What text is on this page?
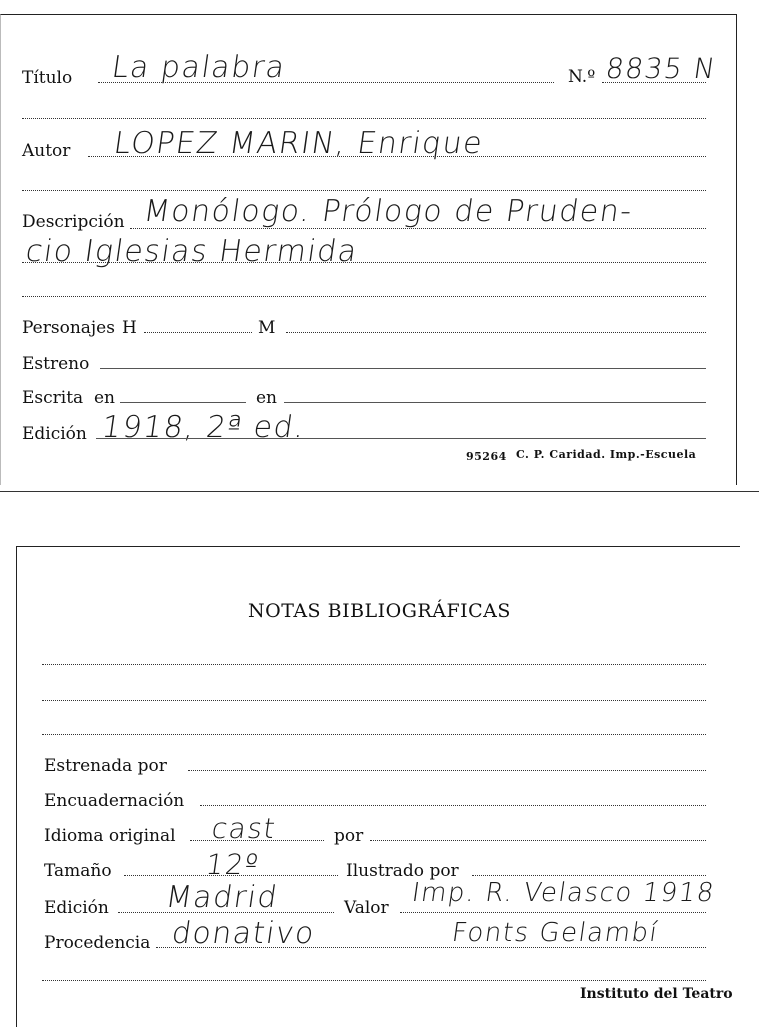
Título La palabra	N.º 8835 N
Autor LOPEZ MARIN, Enrique
Descripción Monólogo. Prólogo de Pruden-
cio Iglesias Hermida
Personajes H	M
Estreno
Escrita en	en
Edición 1918, 2ª ed.
95264 C. P. Caridad. Imp.-Escuela
NOTAS BIBLIOGRÁFICAS
Estrenada por
Encuadernación
Idioma original cast	por
Tamaño	12º	Ilustrado por
Edición Madrid	Valor Imp. R. Velasco 1918
Procedencia donativo	Fonts Gelambí
Instituto del Teatro
